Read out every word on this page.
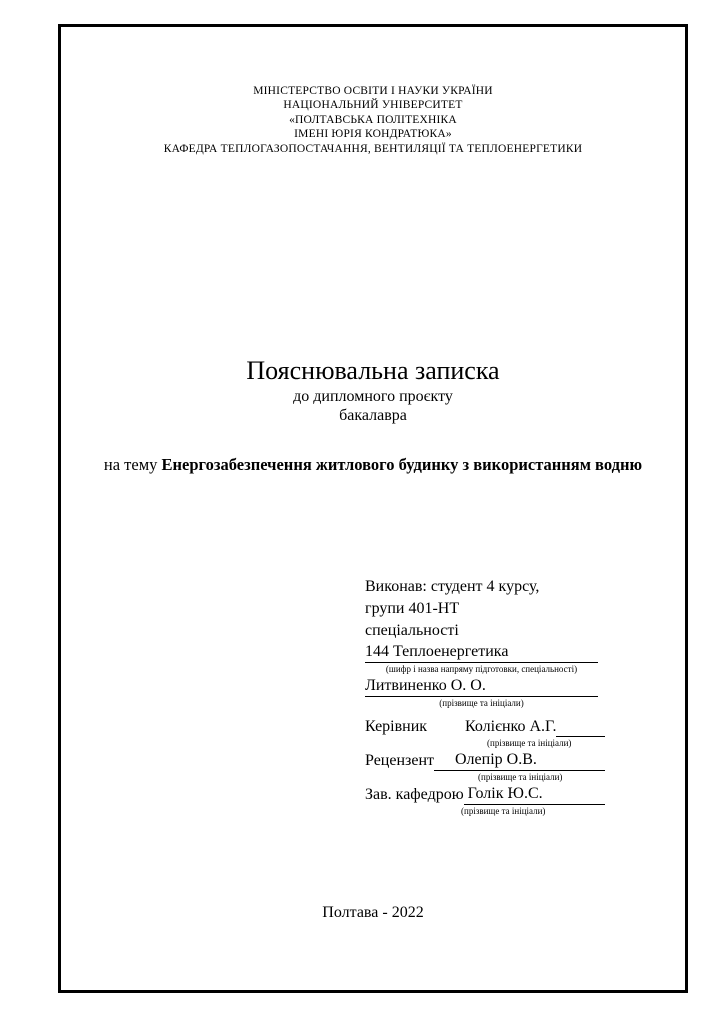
МІНІСТЕРСТВО ОСВІТИ І НАУКИ УКРАЇНИ
НАЦІОНАЛЬНИЙ УНІВЕРСИТЕТ
«ПОЛТАВСЬКА ПОЛІТЕХНІКА
ІМЕНІ ЮРІЯ КОНДРАТЮКА»
КАФЕДРА ТЕПЛОГАЗОПОСТАЧАННЯ, ВЕНТИЛЯЦІЇ ТА ТЕПЛОЕНЕРГЕТИКИ
Пояснювальна записка
до дипломного проєкту
бакалавра
на тему Енергозабезпечення житлового будинку з використанням водню
Виконав: студент 4 курсу,
групи 401-НТ
спеціальності
144 Теплоенергетика
(шифр і назва напряму підготовки, спеціальності)
Литвиненко О. О.
(прізвище та ініціали)
Керівник	Колієнко А.Г.
(прізвище та ініціали)
Рецензент	Олепір О.В.
(прізвище та ініціали)
Зав. кафедрою Голік Ю.С.
(прізвище та ініціали)
Полтава - 2022
